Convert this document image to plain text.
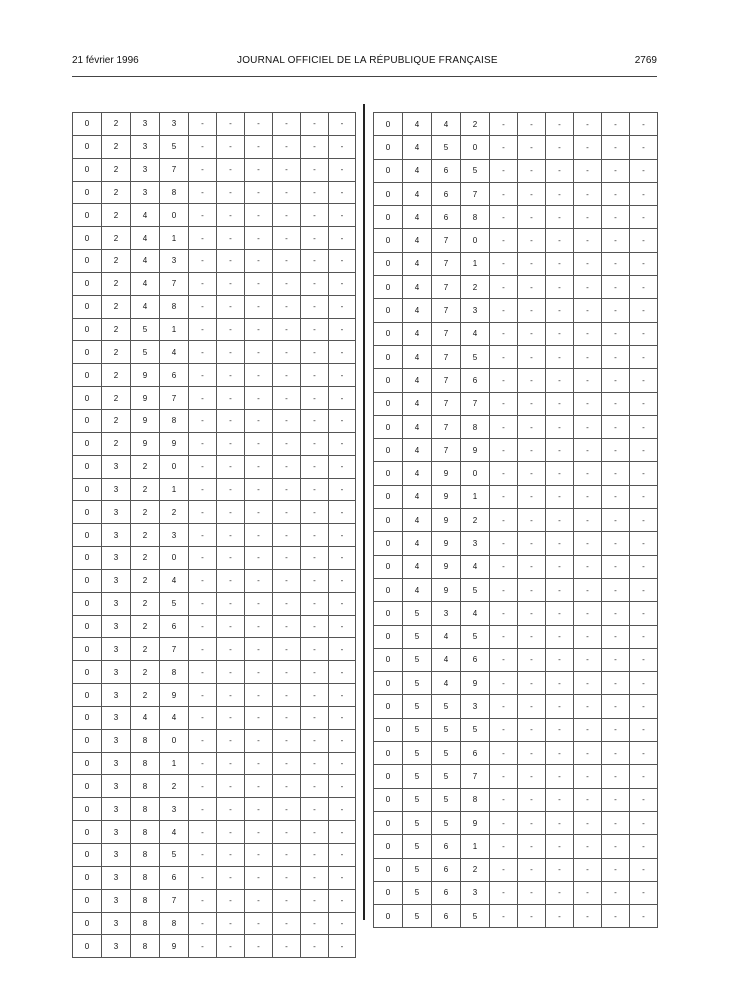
21 février 1996	JOURNAL OFFICIEL DE LA RÉPUBLIQUE FRANÇAISE	2769
0	2	3	3	-	-	-	-	-	-
0	2	3	5	-	-	-	-	-	-
0	2	3	7	-	-	-	-	-	-
0	2	3	8	-	-	-	-	-	-
0	2	4	0	-	-	-	-	-	-
0	2	4	1	-	-	-	-	-	-
0	2	4	3	-	-	-	-	-	-
0	2	4	7	-	-	-	-	-	-
0	2	4	8	-	-	-	-	-	-
0	2	5	1	-	-	-	-	-	-
0	2	5	4	-	-	-	-	-	-
0	2	9	6	-	-	-	-	-	-
0	2	9	7	-	-	-	-	-	-
0	2	9	8	-	-	-	-	-	-
0	2	9	9	-	-	-	-	-	-
0	3	2	0	-	-	-	-	-	-
0	3	2	1	-	-	-	-	-	-
0	3	2	2	-	-	-	-	-	-
0	3	2	3	-	-	-	-	-	-
0	3	2	0	-	-	-	-	-	-
0	3	2	4	-	-	-	-	-	-
0	3	2	5	-	-	-	-	-	-
0	3	2	6	-	-	-	-	-	-
0	3	2	7	-	-	-	-	-	-
0	3	2	8	-	-	-	-	-	-
0	3	2	9	-	-	-	-	-	-
0	3	4	4	-	-	-	-	-	-
0	3	8	0	-	-	-	-	-	-
0	3	8	1	-	-	-	-	-	-
0	3	8	2	-	-	-	-	-	-
0	3	8	3	-	-	-	-	-	-
0	3	8	4	-	-	-	-	-	-
0	3	8	5	-	-	-	-	-	-
0	3	8	6	-	-	-	-	-	-
0	3	8	7	-	-	-	-	-	-
0	3	8	8	-	-	-	-	-	-
0	3	8	9	-	-	-	-	-	-
0	4	4	2	-	-	-	-	-	-
0	4	5	0	-	-	-	-	-	-
0	4	6	5	-	-	-	-	-	-
0	4	6	7	-	-	-	-	-	-
0	4	6	8	-	-	-	-	-	-
0	4	7	0	-	-	-	-	-	-
0	4	7	1	-	-	-	-	-	-
0	4	7	2	-	-	-	-	-	-
0	4	7	3	-	-	-	-	-	-
0	4	7	4	-	-	-	-	-	-
0	4	7	5	-	-	-	-	-	-
0	4	7	6	-	-	-	-	-	-
0	4	7	7	-	-	-	-	-	-
0	4	7	8	-	-	-	-	-	-
0	4	7	9	-	-	-	-	-	-
0	4	9	0	-	-	-	-	-	-
0	4	9	1	-	-	-	-	-	-
0	4	9	2	-	-	-	-	-	-
0	4	9	3	-	-	-	-	-	-
0	4	9	4	-	-	-	-	-	-
0	4	9	5	-	-	-	-	-	-
0	5	3	4	-	-	-	-	-	-
0	5	4	5	-	-	-	-	-	-
0	5	4	6	-	-	-	-	-	-
0	5	4	9	-	-	-	-	-	-
0	5	5	3	-	-	-	-	-	-
0	5	5	5	-	-	-	-	-	-
0	5	5	6	-	-	-	-	-	-
0	5	5	7	-	-	-	-	-	-
0	5	5	8	-	-	-	-	-	-
0	5	5	9	-	-	-	-	-	-
0	5	6	1	-	-	-	-	-	-
0	5	6	2	-	-	-	-	-	-
0	5	6	3	-	-	-	-	-	-
0	5	6	5	-	-	-	-	-	-
